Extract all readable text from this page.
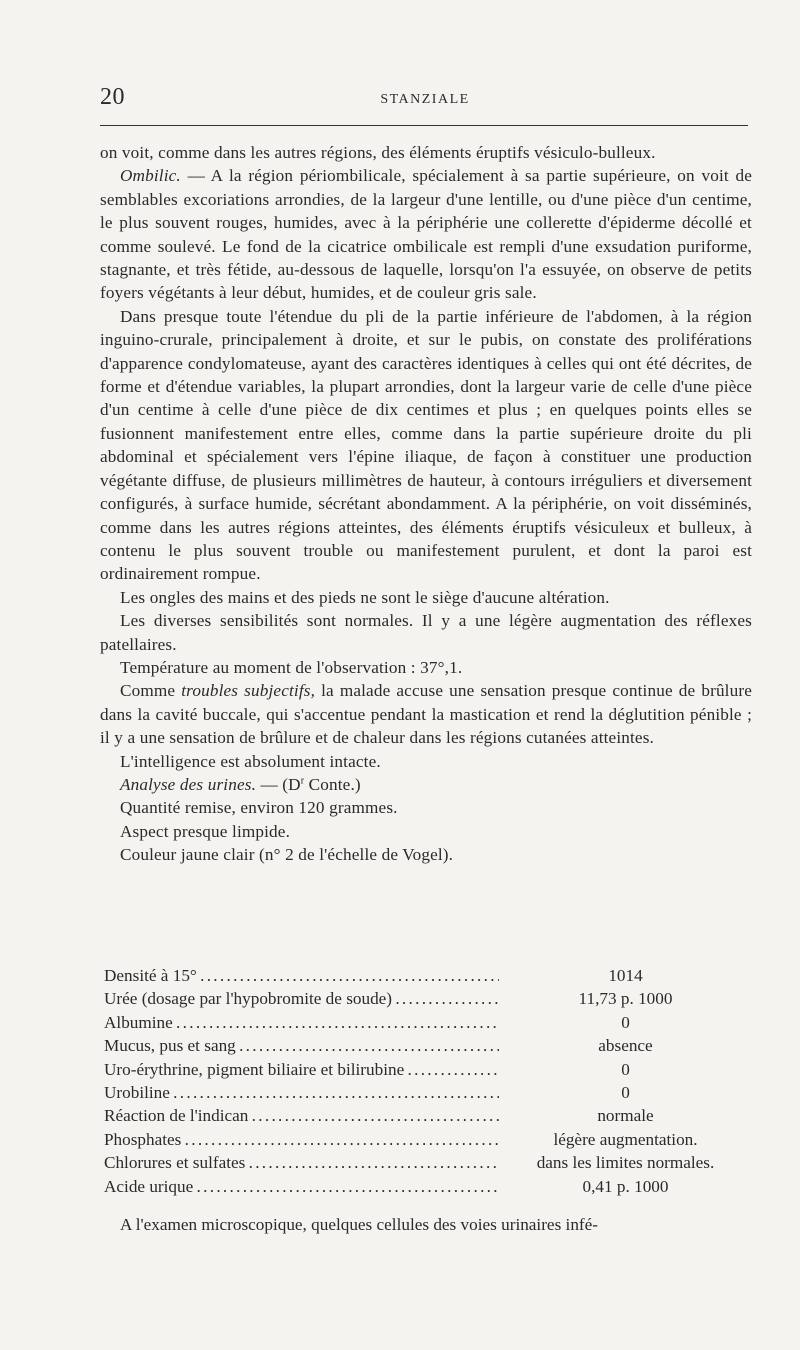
20	STANZIALE

on voit, comme dans les autres régions, des éléments éruptifs vésiculo-bulleux.

Ombilic. — A la région périombilicale, spécialement à sa partie supérieure, on voit de semblables excoriations arrondies, de la largeur d'une lentille, ou d'une pièce d'un centime, le plus souvent rouges, humides, avec à la périphérie une collerette d'épiderme décollé et comme soulevé. Le fond de la cicatrice ombilicale est rempli d'une exsudation puriforme, stagnante, et très fétide, au-dessous de laquelle, lorsqu'on l'a essuyée, on observe de petits foyers végétants à leur début, humides, et de couleur gris sale.

Dans presque toute l'étendue du pli de la partie inférieure de l'abdomen, à la région inguino-crurale, principalement à droite, et sur le pubis, on constate des proliférations d'apparence condylomateuse, ayant des caractères identiques à celles qui ont été décrites, de forme et d'étendue variables, la plupart arrondies, dont la largeur varie de celle d'une pièce d'un centime à celle d'une pièce de dix centimes et plus ; en quelques points elles se fusionnent manifestement entre elles, comme dans la partie supérieure droite du pli abdominal et spécialement vers l'épine iliaque, de façon à constituer une production végétante diffuse, de plusieurs millimètres de hauteur, à contours irréguliers et diversement configurés, à surface humide, sécrétant abondamment. A la périphérie, on voit disséminés, comme dans les autres régions atteintes, des éléments éruptifs vésiculeux et bulleux, à contenu le plus souvent trouble ou manifestement purulent, et dont la paroi est ordinairement rompue.

Les ongles des mains et des pieds ne sont le siège d'aucune altération.

Les diverses sensibilités sont normales. Il y a une légère augmentation des réflexes patellaires.

Température au moment de l'observation : 37°,1.

Comme troubles subjectifs, la malade accuse une sensation presque continue de brûlure dans la cavité buccale, qui s'accentue pendant la mastication et rend la déglutition pénible ; il y a une sensation de brûlure et de chaleur dans les régions cutanées atteintes.

L'intelligence est absolument intacte.

Analyse des urines. — ($D^r$ Conte.)

Quantité remise, environ 120 grammes.

Aspect presque limpide.

Couleur jaune clair (n° 2 de l'échelle de Vogel).

Densité à 15° . . .	1014
Urée (dosage par l'hypobromite de soude) . . .	11,73 p. 1000
Albumine . . .	0
Mucus, pus et sang . . .	absence
Uro-érythrine, pigment biliaire et bilirubine . . .	0
Urobiline . . .	0
Réaction de l'indican . . .	normale
Phosphates . . .	légère augmentation.
Chlorures et sulfates . . .	dans les limites normales.
Acide urique . . .	0,41 p. 1000

A l'examen microscopique, quelques cellules des voies urinaires infé-
